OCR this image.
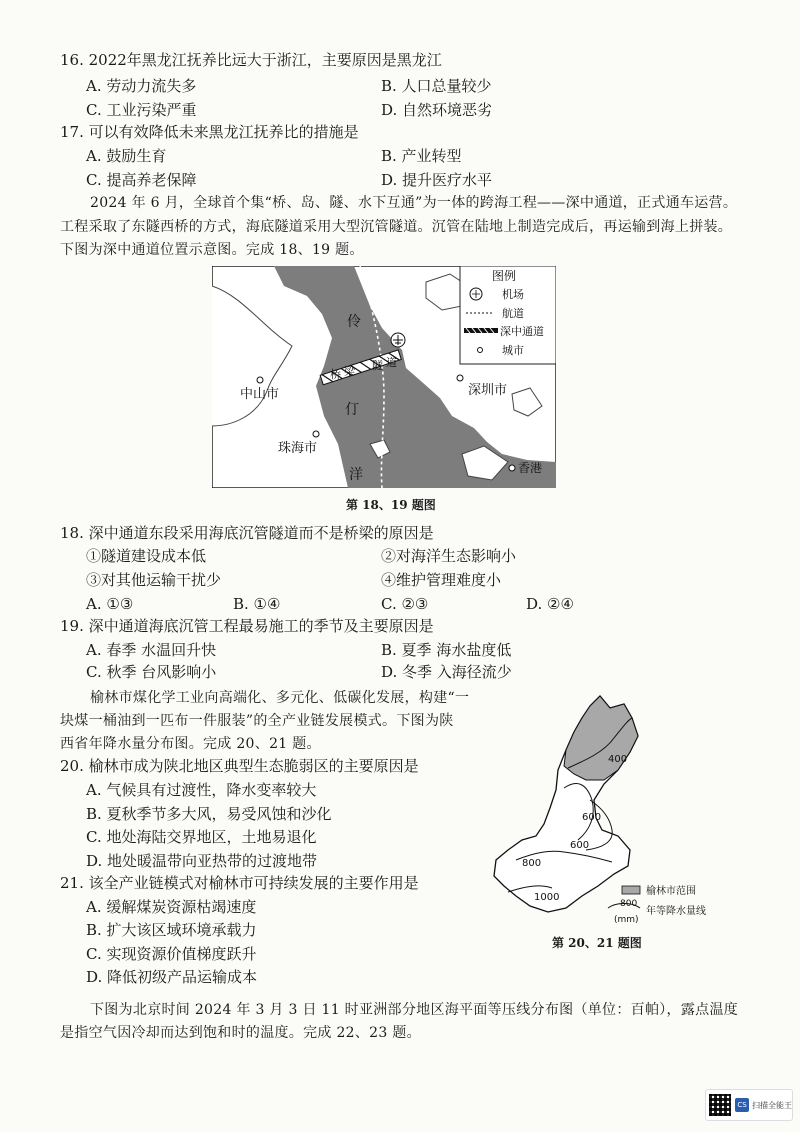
16. 2022年黑龙江抚养比远大于浙江，主要原因是黑龙江
A. 劳动力流失多	B. 人口总量较少
C. 工业污染严重	D. 自然环境恶劣
17. 可以有效降低未来黑龙江抚养比的措施是
A. 鼓励生育	B. 产业转型
C. 提高养老保障	D. 提升医疗水平
2024 年 6 月，全球首个集“桥、岛、隧、水下互通”为一体的跨海工程——深中通道，正式通车运营。
工程采取了东隧西桥的方式，海底隧道采用大型沉管隧道。沉管在陆地上制造完成后，再运输到海上拼装。
下图为深中通道位置示意图。完成 18、19 题。
桥 梁 隧 道
伶
仃
洋
中山市
珠海市
深圳市
香港
图例
机场
航道
深中通道
城市
第 18、19 题图
18. 深中通道东段采用海底沉管隧道而不是桥梁的原因是
①隧道建设成本低	②对海洋生态影响小
③对其他运输干扰少	④维护管理难度小
A. ①③	B. ①④	C. ②③	D. ②④
19. 深中通道海底沉管工程最易施工的季节及主要原因是
A. 春季 水温回升快	B. 夏季 海水盐度低
C. 秋季 台风影响小	D. 冬季 入海径流少
榆林市煤化学工业向高端化、多元化、低碳化发展，构建“一
块煤一桶油到一匹布一件服装”的全产业链发展模式。下图为陕
西省年降水量分布图。完成 20、21 题。
20. 榆林市成为陕北地区典型生态脆弱区的主要原因是
A. 气候具有过渡性，降水变率较大
B. 夏秋季节多大风，易受风蚀和沙化
C. 地处海陆交界地区，土地易退化
D. 地处暖温带向亚热带的过渡地带
21. 该全产业链模式对榆林市可持续发展的主要作用是
A. 缓解煤炭资源枯竭速度
B. 扩大该区域环境承载力
C. 实现资源价值梯度跃升
D. 降低初级产品运输成本
400
600
600
800
1000
榆林市范围
800
(mm)
年等降水量线
第 20、21 题图
下图为北京时间 2024 年 3 月 3 日 11 时亚洲部分地区海平面等压线分布图（单位：百帕），露点温度
是指空气因冷却而达到饱和时的温度。完成 22、23 题。
CS 扫描全能王
